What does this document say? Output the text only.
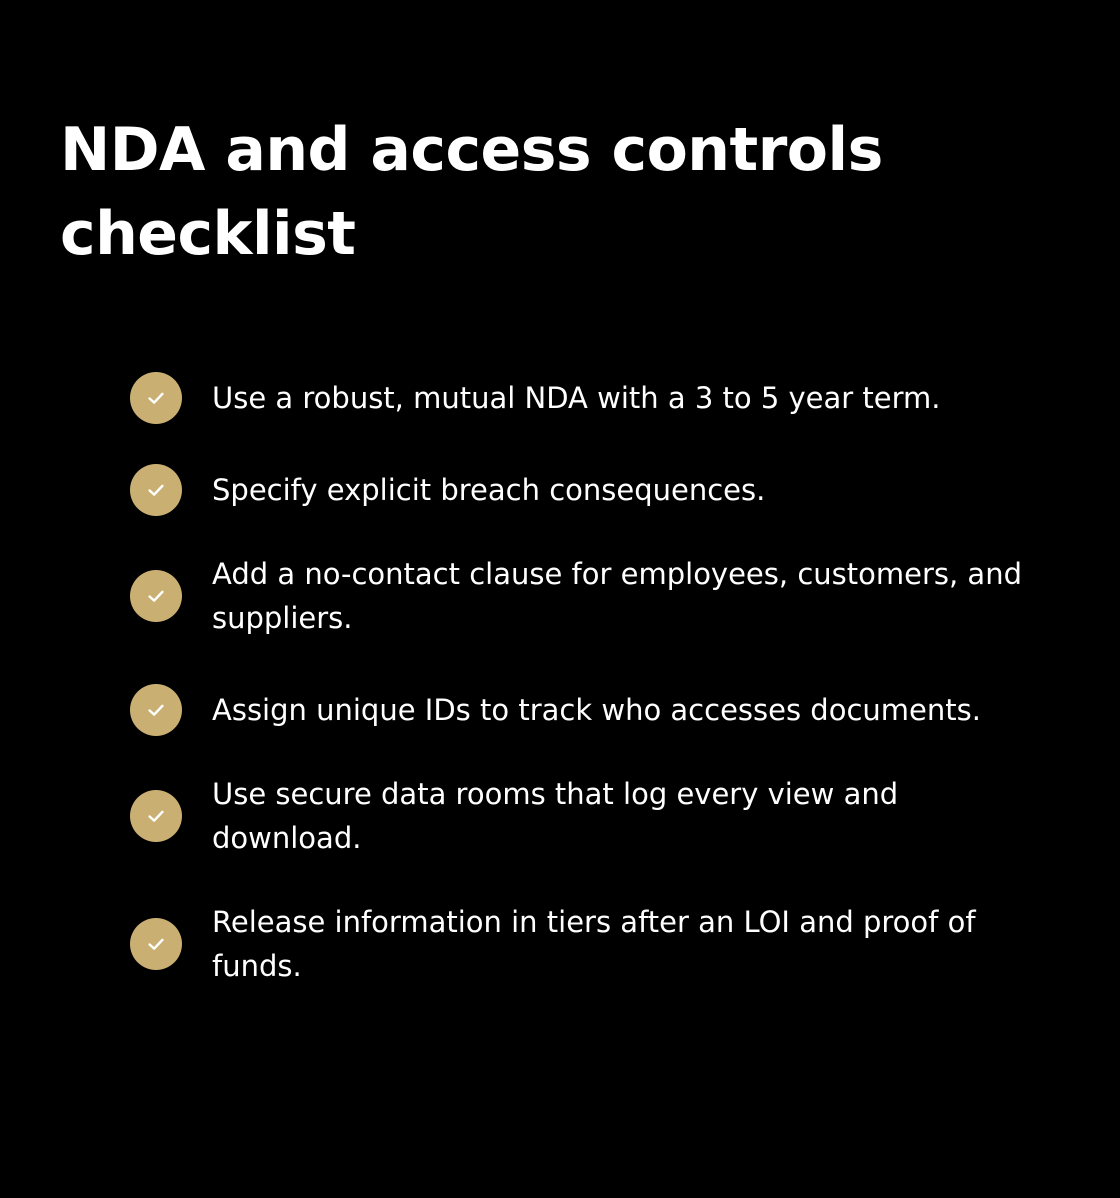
NDA and access controls checklist
Use a robust, mutual NDA with a 3 to 5 year term.
Specify explicit breach consequences.
Add a no-contact clause for employees, customers, and suppliers.
Assign unique IDs to track who accesses documents.
Use secure data rooms that log every view and download.
Release information in tiers after an LOI and proof of funds.
